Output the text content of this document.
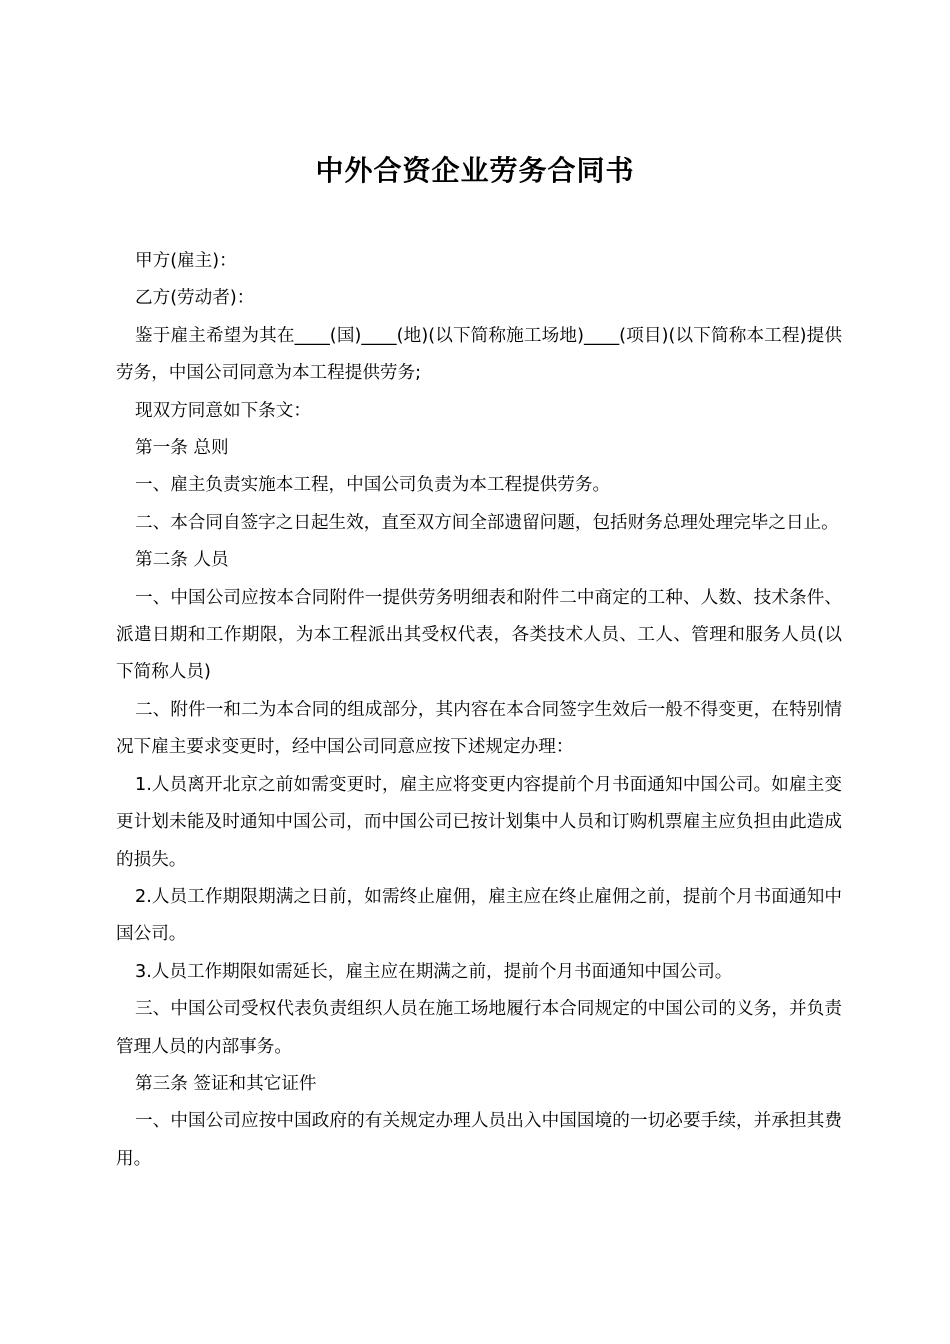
中外合资企业劳务合同书

甲方(雇主)：

乙方(劳动者)：

鉴于雇主希望为其在____(国)____(地)(以下简称施工场地)____(项目)(以下简称本工程)提供劳务，中国公司同意为本工程提供劳务;

现双方同意如下条文：

第一条 总则

一、雇主负责实施本工程，中国公司负责为本工程提供劳务。

二、本合同自签字之日起生效，直至双方间全部遗留问题，包括财务总理处理完毕之日止。

第二条 人员

一、中国公司应按本合同附件一提供劳务明细表和附件二中商定的工种、人数、技术条件、派遣日期和工作期限，为本工程派出其受权代表，各类技术人员、工人、管理和服务人员(以下简称人员)

二、附件一和二为本合同的组成部分，其内容在本合同签字生效后一般不得变更，在特别情况下雇主要求变更时，经中国公司同意应按下述规定办理：

1.人员离开北京之前如需变更时，雇主应将变更内容提前个月书面通知中国公司。如雇主变更计划未能及时通知中国公司，而中国公司已按计划集中人员和订购机票雇主应负担由此造成的损失。

2.人员工作期限期满之日前，如需终止雇佣，雇主应在终止雇佣之前，提前个月书面通知中国公司。

3.人员工作期限如需延长，雇主应在期满之前，提前个月书面通知中国公司。

三、中国公司受权代表负责组织人员在施工场地履行本合同规定的中国公司的义务，并负责管理人员的内部事务。

第三条 签证和其它证件

一、中国公司应按中国政府的有关规定办理人员出入中国国境的一切必要手续，并承担其费用。
